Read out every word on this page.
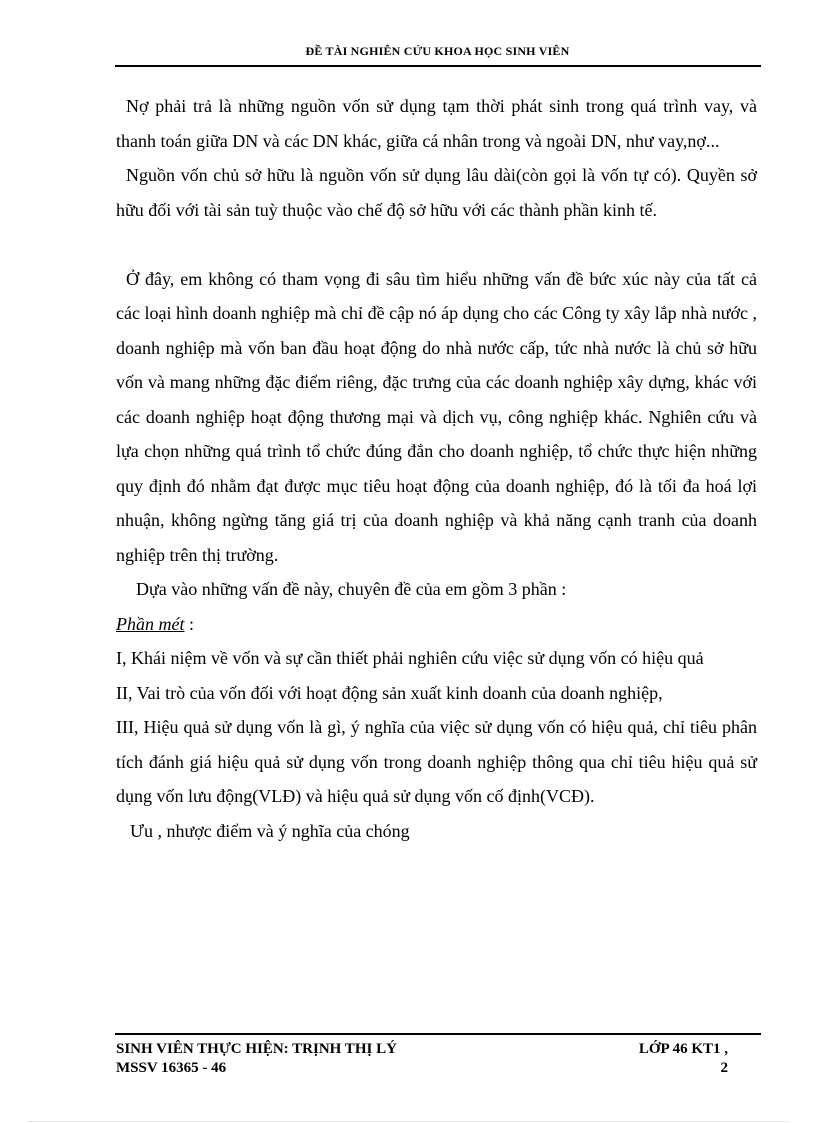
ĐỀ TÀI NGHIÊN CỨU KHOA HỌC SINH VIÊN

Nợ phải trả là những nguồn vốn sử dụng tạm thời phát sinh trong quá trình vay, và thanh toán giữa DN và các DN khác, giữa cá nhân trong và ngoài DN, như vay,nợ...

Nguồn vốn chủ sở hữu là nguồn vốn sử dụng lâu dài(còn gọi là vốn tự có). Quyền sở hữu đối với tài sản tuỳ thuộc vào chế độ sở hữu với các thành phần kinh tế.

Ở đây, em không có tham vọng đi sâu tìm hiểu những vấn đề bức xúc này của tất cả các loại hình doanh nghiệp mà chỉ đề cập nó áp dụng cho các Công ty xây lắp nhà nước , doanh nghiệp mà vốn ban đầu hoạt động do nhà nước cấp, tức nhà nước là chủ sở hữu vốn và mang những đặc điểm riêng, đặc trưng của các doanh nghiệp xây dựng, khác với các doanh nghiệp hoạt động thương mại và dịch vụ, công nghiệp khác. Nghiên cứu và lựa chọn những quá trình tổ chức đúng đắn cho doanh nghiệp, tổ chức thực hiện những quy định đó nhằm đạt được mục tiêu hoạt động của doanh nghiệp, đó là tối đa hoá lợi nhuận, không ngừng tăng giá trị của doanh nghiệp và khả năng cạnh tranh của doanh nghiệp trên thị trường.

Dựa vào những vấn đề này, chuyên đề của em gồm 3 phần :

Phần mét :

I, Khái niệm về vốn và sự cần thiết phải nghiên cứu việc sử dụng vốn có hiệu quả

II, Vai trò của vốn đối với hoạt động sản xuất kinh doanh của doanh nghiệp,

III, Hiệu quả sử dụng vốn là gì, ý nghĩa của việc sử dụng vốn có hiệu quả, chỉ tiêu phân tích đánh giá hiệu quả sử dụng vốn trong doanh nghiệp thông qua chỉ tiêu hiệu quả sử dụng vốn lưu động(VLĐ) và hiệu quả sử dụng vốn cố định(VCĐ).

Ưu , nhược điểm và ý nghĩa của chóng

SINH VIÊN THỰC HIỆN: TRỊNH THỊ LÝ
MSSV 16365 - 46
LỚP 46 KT1 ,
2
